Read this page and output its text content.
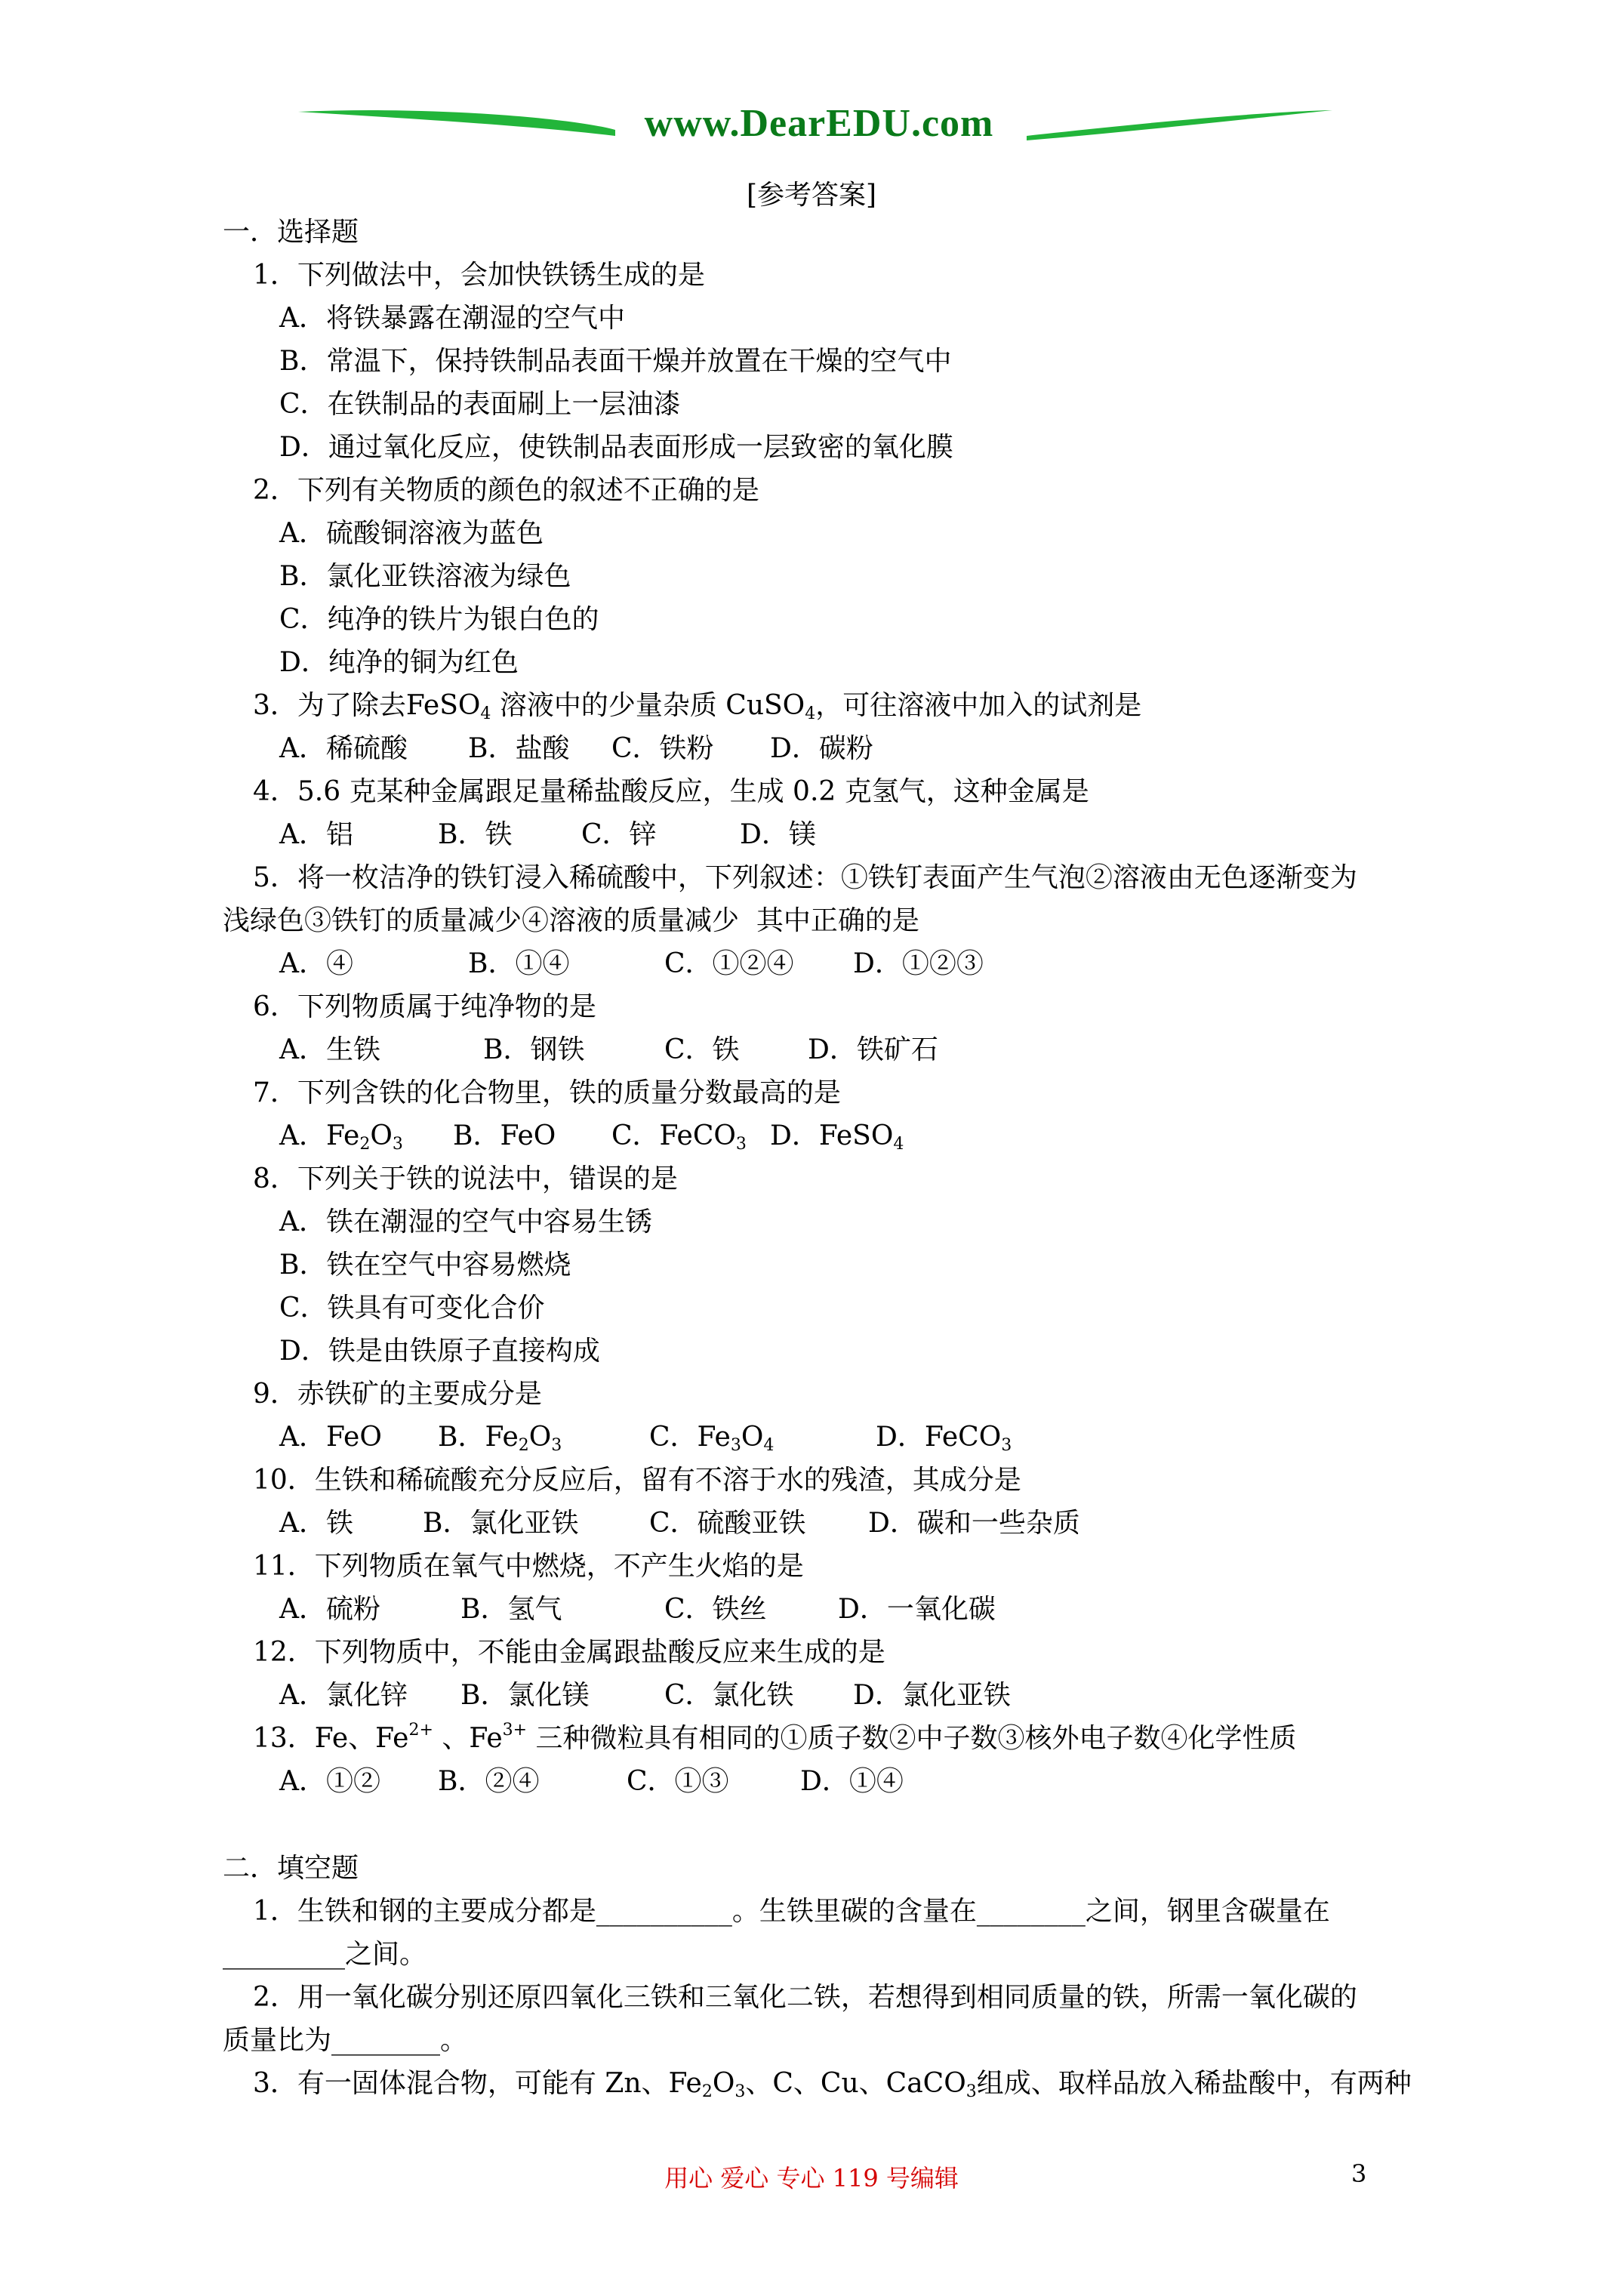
www.DearEDU.com
[参考答案]
一．选择题
1．下列做法中，会加快铁锈生成的是
A．将铁暴露在潮湿的空气中
B．常温下，保持铁制品表面干燥并放置在干燥的空气中
C．在铁制品的表面刷上一层油漆
D．通过氧化反应，使铁制品表面形成一层致密的氧化膜
2．下列有关物质的颜色的叙述不正确的是
A．硫酸铜溶液为蓝色
B．氯化亚铁溶液为绿色
C．纯净的铁片为银白色的
D．纯净的铜为红色
3．为了除去FeSO$_4$ 溶液中的少量杂质 CuSO$_4$，可往溶液中加入的试剂是
A．稀硫酸 B．盐酸 C．铁粉 D．碳粉
4．5.6 克某种金属跟足量稀盐酸反应，生成 0.2 克氢气，这种金属是
A．铝	B．铁	C．锌	D．镁
5．将一枚洁净的铁钉浸入稀硫酸中，下列叙述：①铁钉表面产生气泡②溶液由无色逐渐变为
浅绿色③铁钉的质量减少④溶液的质量减少  其中正确的是
A．④	B．①④	C．①②④ D．①②③
6．下列物质属于纯净物的是
A．生铁	B．钢铁	C．铁	D．铁矿石
7．下列含铁的化合物里，铁的质量分数最高的是
A．$Fe_2O_3$ B．FeO C．FeCO$_3$ D．FeSO$_4$
8．下列关于铁的说法中，错误的是
A．铁在潮湿的空气中容易生锈
B．铁在空气中容易燃烧
C．铁具有可变化合价
D．铁是由铁原子直接构成
9．赤铁矿的主要成分是
A．FeO B．$Fe_2O_3$	C．$Fe_3O_4$	D．FeCO$_3$
10．生铁和稀硫酸充分反应后，留有不溶于水的残渣，其成分是
A．铁	B．氯化亚铁	C．硫酸亚铁 D．碳和一些杂质
11．下列物质在氧气中燃烧，不产生火焰的是
A．硫粉	B．氢气	C．铁丝	D．一氧化碳
12．下列物质中，不能由金属跟盐酸反应来生成的是
A．氯化锌 B．氯化镁	C．氯化铁 D．氯化亚铁
13．Fe、$Fe^{2+}$ 、$Fe^{3+}$ 三种微粒具有相同的①质子数②中子数③核外电子数④化学性质
A．①② B．②④	C．①③	D．①④
二．填空题
1．生铁和钢的主要成分都是__________。生铁里碳的含量在________之间，钢里含碳量在
_________之间。
2．用一氧化碳分别还原四氧化三铁和三氧化二铁，若想得到相同质量的铁，所需一氧化碳的
质量比为________。
3．有一固体混合物，可能有 Zn、$Fe_2O_3$、C、Cu、CaCO$_3$组成、取样品放入稀盐酸中，有两种
用心 爱心 专心 119 号编辑	3
